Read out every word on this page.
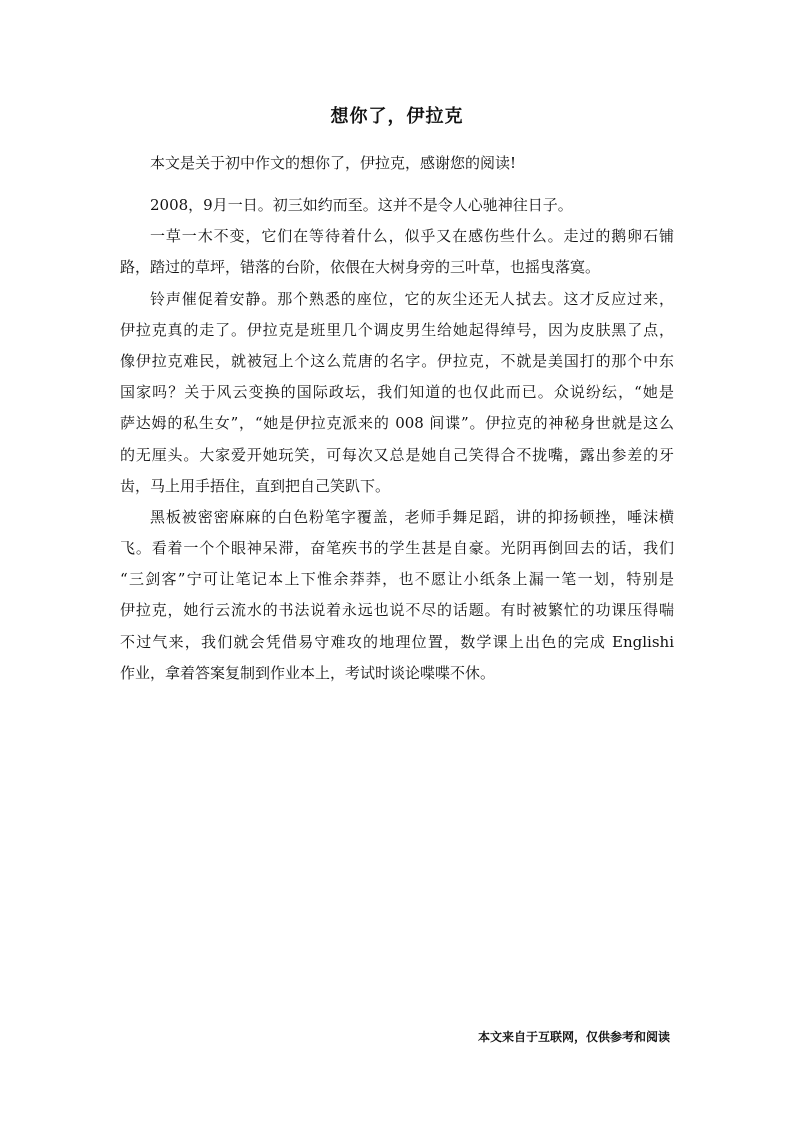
想你了，伊拉克
本文是关于初中作文的想你了，伊拉克，感谢您的阅读!
2008，9月一日。初三如约而至。这并不是令人心驰神往日子。
一草一木不变，它们在等待着什么，似乎又在感伤些什么。走过的鹅卵石铺
路，踏过的草坪，错落的台阶，依偎在大树身旁的三叶草，也摇曳落寞。
铃声催促着安静。那个熟悉的座位，它的灰尘还无人拭去。这才反应过来，
伊拉克真的走了。伊拉克是班里几个调皮男生给她起得绰号，因为皮肤黑了点，
像伊拉克难民，就被冠上个这么荒唐的名字。伊拉克，不就是美国打的那个中东
国家吗？关于风云变换的国际政坛，我们知道的也仅此而已。众说纷纭，“她是
萨达姆的私生女”，“她是伊拉克派来的 008 间谍”。伊拉克的神秘身世就是这么
的无厘头。大家爱开她玩笑，可每次又总是她自己笑得合不拢嘴，露出参差的牙
齿，马上用手捂住，直到把自己笑趴下。
黑板被密密麻麻的白色粉笔字覆盖，老师手舞足蹈，讲的抑扬顿挫，唾沫横
飞。看着一个个眼神呆滞，奋笔疾书的学生甚是自豪。光阴再倒回去的话，我们
“三剑客”宁可让笔记本上下惟余莽莽，也不愿让小纸条上漏一笔一划，特别是
伊拉克，她行云流水的书法说着永远也说不尽的话题。有时被繁忙的功课压得喘
不过气来，我们就会凭借易守难攻的地理位置，数学课上出色的完成 Englishi
作业，拿着答案复制到作业本上，考试时谈论喋喋不休。
本文来自于互联网，仅供参考和阅读
